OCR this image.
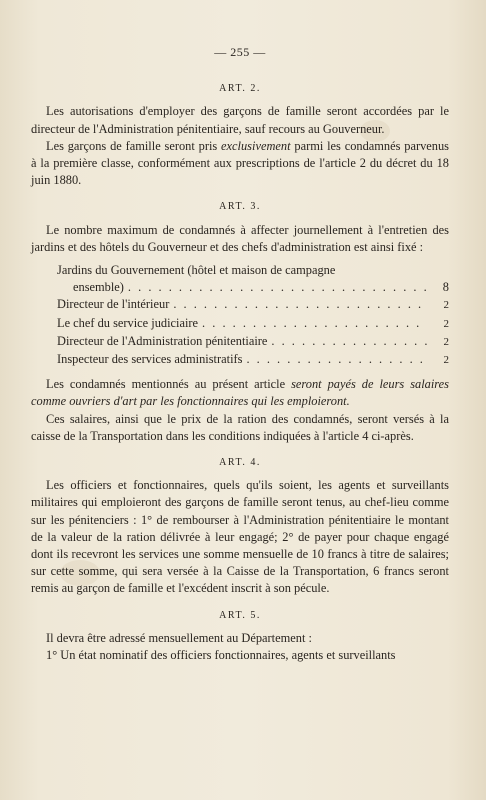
— 255 —
ART. 2.

Les autorisations d'employer des garçons de famille seront accordées par le directeur de l'Administration pénitentiaire, sauf recours au Gouverneur.

Les garçons de famille seront pris exclusivement parmi les condamnés parvenus à la première classe, conformément aux prescriptions de l'article 2 du décret du 18 juin 1880.

ART. 3.

Le nombre maximum de condamnés à affecter journellement à l'entretien des jardins et des hôtels du Gouverneur et des chefs d'administration est ainsi fixé :

Jardins du Gouvernement (hôtel et maison de campagne
ensemble) . . .	8
Directeur de l'intérieur . . .	2
Le chef du service judiciaire . . .	2
Directeur de l'Administration pénitentiaire . . .	2
Inspecteur des services administratifs . . .	2

Les condamnés mentionnés au présent article seront payés de leurs salaires comme ouvriers d'art par les fonctionnaires qui les emploieront.

Ces salaires, ainsi que le prix de la ration des condamnés, seront versés à la caisse de la Transportation dans les conditions indiquées à l'article 4 ci-après.

ART. 4.

Les officiers et fonctionnaires, quels qu'ils soient, les agents et surveillants militaires qui emploieront des garçons de famille seront tenus, au chef-lieu comme sur les pénitenciers : 1° de rembourser à l'Administration pénitentiaire le montant de la valeur de la ration délivrée à leur engagé; 2° de payer pour chaque engagé dont ils recevront les services une somme mensuelle de 10 francs à titre de salaires; sur cette somme, qui sera versée à la Caisse de la Transportation, 6 francs seront remis au garçon de famille et l'excédent inscrit à son pécule.

ART. 5.

Il devra être adressé mensuellement au Département :

1° Un état nominatif des officiers fonctionnaires, agents et surveillants
